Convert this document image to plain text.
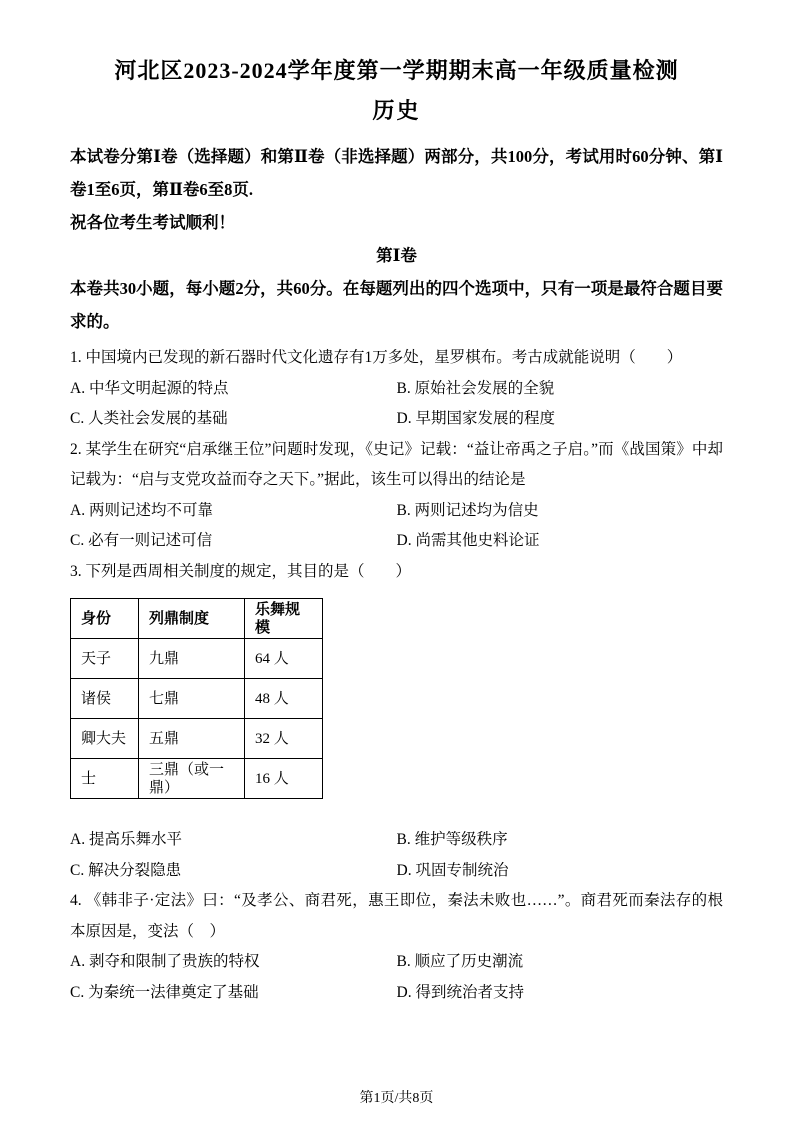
河北区2023-2024学年度第一学期期末高一年级质量检测
历史
本试卷分第Ⅰ卷（选择题）和第Ⅱ卷（非选择题）两部分，共100分，考试用时60分钟、第Ⅰ卷1至6页，第Ⅱ卷6至8页.
祝各位考生考试顺利！
第Ⅰ卷
本卷共30小题，每小题2分，共60分。在每题列出的四个选项中，只有一项是最符合题目要求的。
1. 中国境内已发现的新石器时代文化遗存有1万多处，星罗棋布。考古成就能说明（　　）
A. 中华文明起源的特点	B. 原始社会发展的全貌
C. 人类社会发展的基础	D. 早期国家发展的程度
2. 某学生在研究“启承继王位”问题时发现，《史记》记载：“益让帝禹之子启。”而《战国策》中却记载为：“启与支党攻益而夺之天下。”据此，该生可以得出的结论是
A. 两则记述均不可靠	B. 两则记述均为信史
C. 必有一则记述可信	D. 尚需其他史料论证
3. 下列是西周相关制度的规定，其目的是（　　）
身份	列鼎制度	乐舞规模
天子	九鼎	64 人
诸侯	七鼎	48 人
卿大夫	五鼎	32 人
士	三鼎（或一鼎）	16 人
A. 提高乐舞水平	B. 维护等级秩序
C. 解决分裂隐患	D. 巩固专制统治
4. 《韩非子·定法》曰：“及孝公、商君死，惠王即位，秦法未败也……”。商君死而秦法存的根本原因是，变法（　）
A. 剥夺和限制了贵族的特权	B. 顺应了历史潮流
C. 为秦统一法律奠定了基础	D. 得到统治者支持
第1页/共8页
